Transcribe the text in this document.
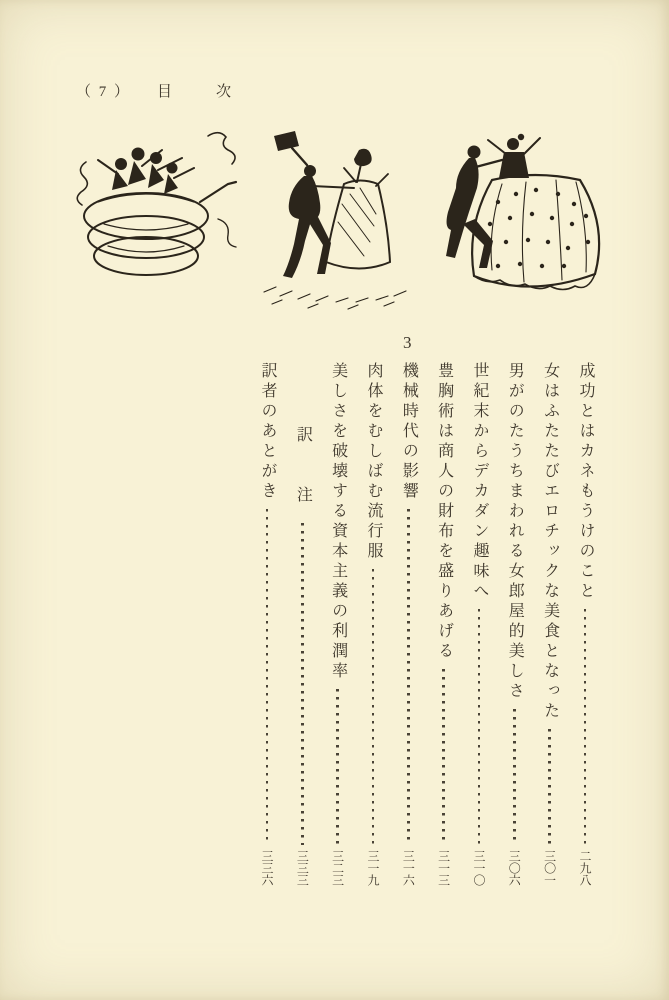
（ 7 ） 目次
3
成功とはカネもうけのこと
二九八
女はふたたびエロチックな美食となった
三〇一
男がのたうちまわれる女郎屋的美しさ
三〇六
世紀末からデカダン趣味へ
三一〇
豊胸術は商人の財布を盛りあげる
三一三
機械時代の影響
三一六
肉体をむしばむ流行服
三一九
美しさを破壊する資本主義の利潤率
三二三
訳　注
三三三
訳者のあとがき
三三六
